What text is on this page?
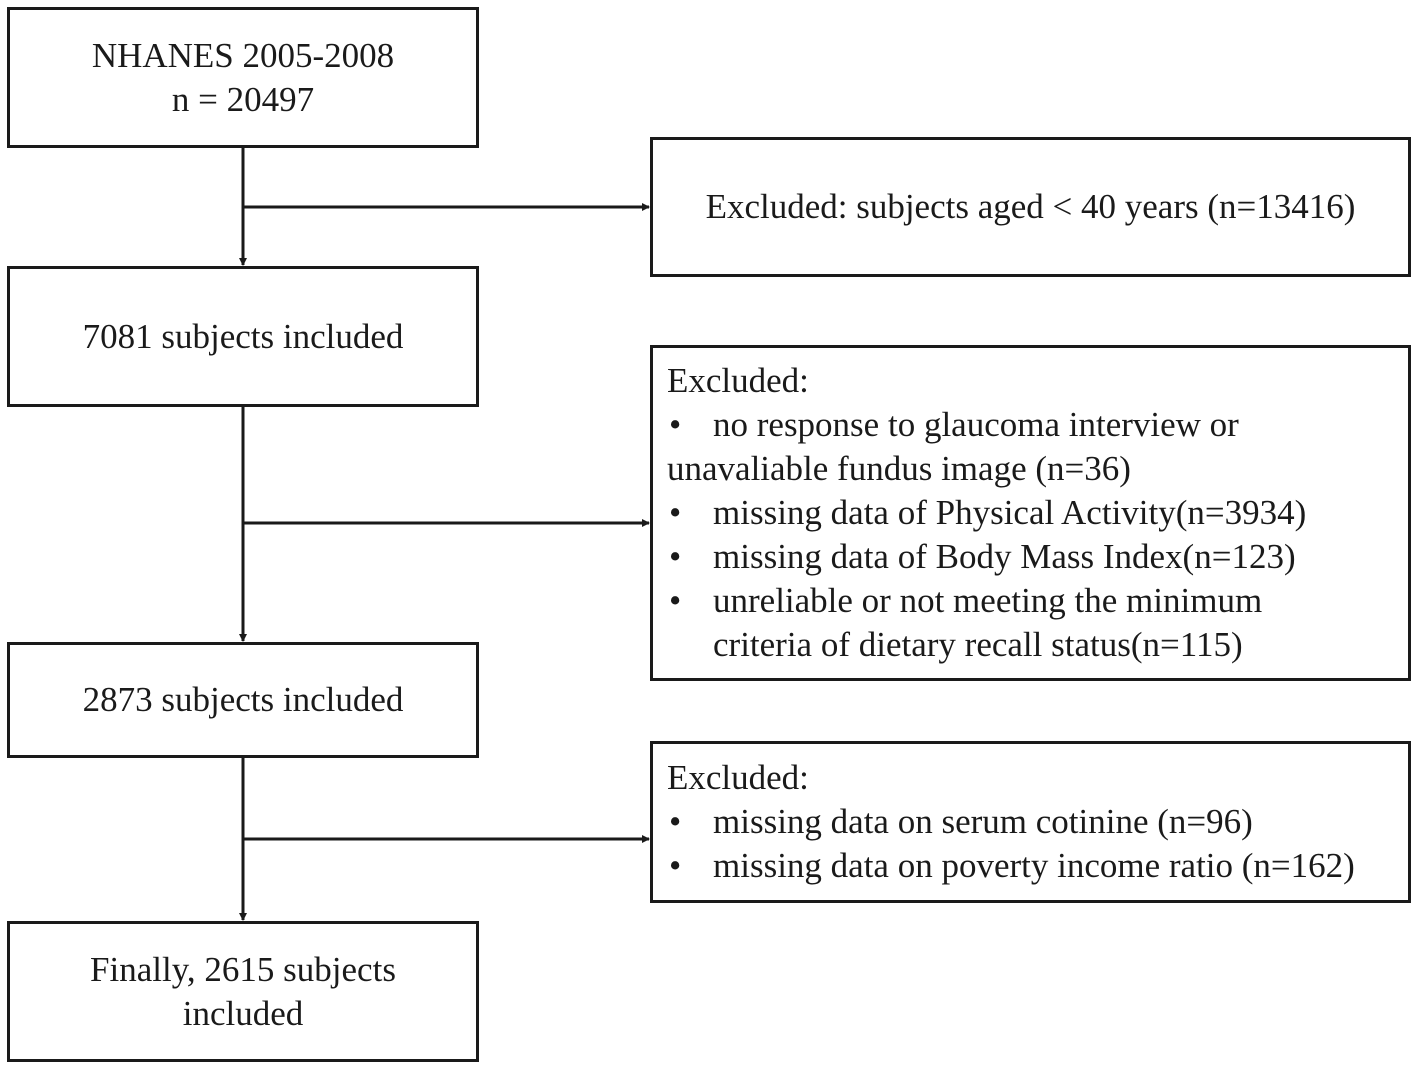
NHANES 2005-2008
n = 20497
7081 subjects included
2873 subjects included
Finally, 2615 subjects
included
Excluded: subjects aged < 40 years (n=13416)
Excluded:
• no response to glaucoma interview or
unavaliable fundus image (n=36)
• missing data of Physical Activity(n=3934)
• missing data of Body Mass Index(n=123)
• unreliable or not meeting the minimum
criteria of dietary recall status(n=115)
Excluded:
• missing data on serum cotinine (n=96)
• missing data on poverty income ratio (n=162)
